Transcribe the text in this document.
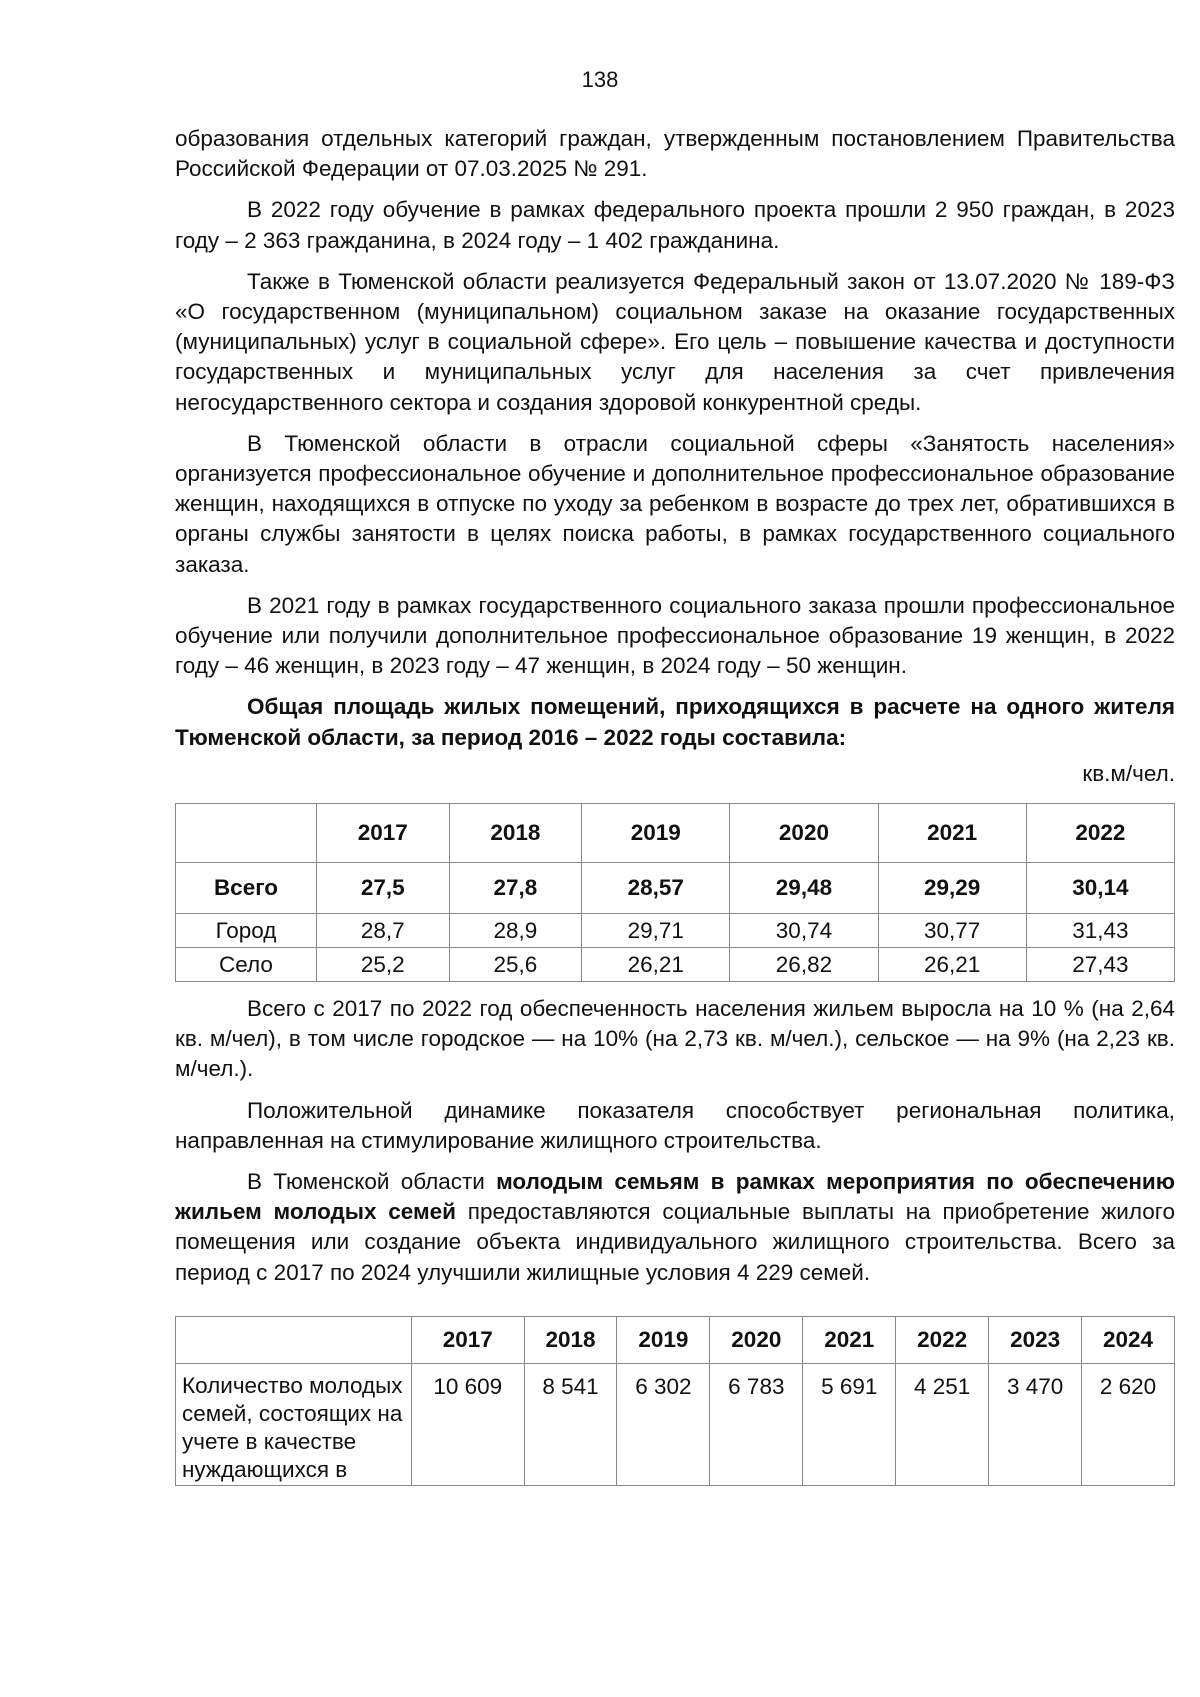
138

образования отдельных категорий граждан, утвержденным постановлением Правительства Российской Федерации от 07.03.2025 № 291.

В 2022 году обучение в рамках федерального проекта прошли 2 950 граждан, в 2023 году – 2 363 гражданина, в 2024 году – 1 402 гражданина.

Также в Тюменской области реализуется Федеральный закон от 13.07.2020 № 189-ФЗ «О государственном (муниципальном) социальном заказе на оказание государственных (муниципальных) услуг в социальной сфере». Его цель – повышение качества и доступности государственных и муниципальных услуг для населения за счет привлечения негосударственного сектора и создания здоровой конкурентной среды.

В Тюменской области в отрасли социальной сферы «Занятость населения» организуется профессиональное обучение и дополнительное профессиональное образование женщин, находящихся в отпуске по уходу за ребенком в возрасте до трех лет, обратившихся в органы службы занятости в целях поиска работы, в рамках государственного социального заказа.

В 2021 году в рамках государственного социального заказа прошли профессиональное обучение или получили дополнительное профессиональное образование 19 женщин, в 2022 году – 46 женщин, в 2023 году – 47 женщин, в 2024 году – 50 женщин.

Общая площадь жилых помещений, приходящихся в расчете на одного жителя Тюменской области, за период 2016 – 2022 годы составила:

кв.м/чел.
	2017	2018	2019	2020	2021	2022
Всего	27,5	27,8	28,57	29,48	29,29	30,14
Город	28,7	28,9	29,71	30,74	30,77	31,43
Село	25,2	25,6	26,21	26,82	26,21	27,43

Всего с 2017 по 2022 год обеспеченность населения жильем выросла на 10 % (на 2,64 кв. м/чел), в том числе городское — на 10% (на 2,73 кв. м/чел.), сельское — на 9% (на 2,23 кв. м/чел.).

Положительной динамике показателя способствует региональная политика, направленная на стимулирование жилищного строительства.

В Тюменской области молодым семьям в рамках мероприятия по обеспечению жильем молодых семей предоставляются социальные выплаты на приобретение жилого помещения или создание объекта индивидуального жилищного строительства. Всего за период с 2017 по 2024 улучшили жилищные условия 4 229 семей.

	2017	2018	2019	2020	2021	2022	2023	2024
Количество молодых семей, состоящих на учете в качестве нуждающихся в	10 609	8 541	6 302	6 783	5 691	4 251	3 470	2 620
